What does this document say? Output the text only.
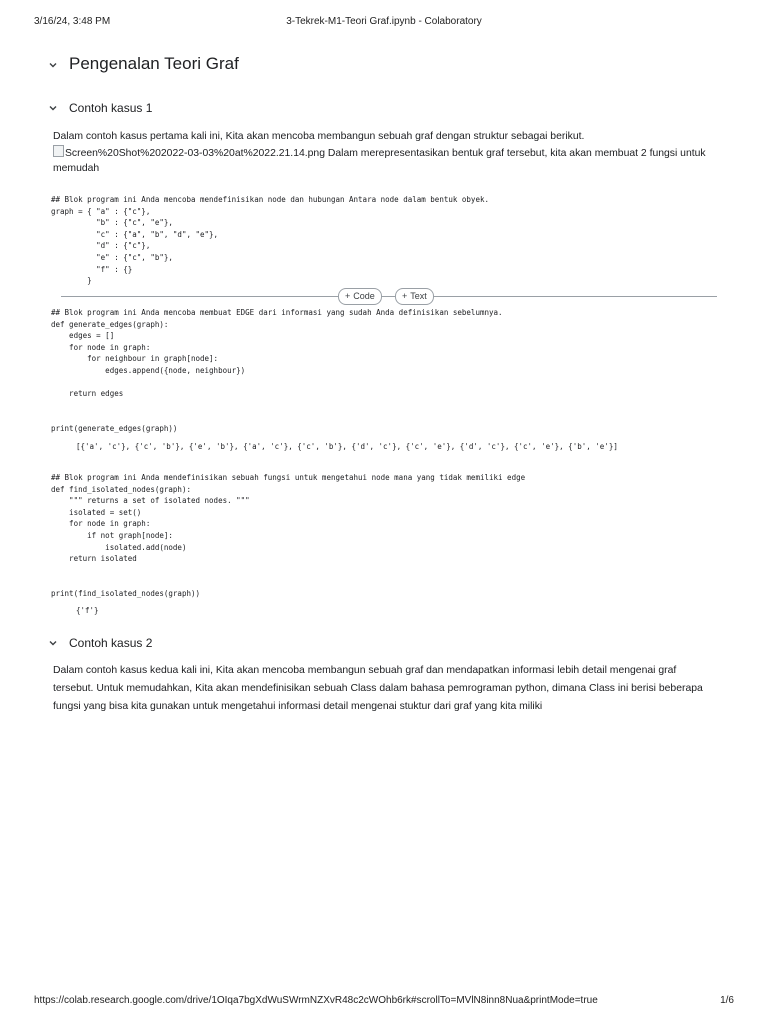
3/16/24, 3:48 PM	3-Tekrek-M1-Teori Graf.ipynb - Colaboratory
Pengenalan Teori Graf
Contoh kasus 1
Dalam contoh kasus pertama kali ini, Kita akan mencoba membangun sebuah graf dengan struktur sebagai berikut.
Screen%20Shot%202022-03-03%20at%2022.21.14.png Dalam merepresentasikan bentuk graf tersebut, kita akan membuat 2 fungsi untuk
memudah
## Blok program ini Anda mencoba mendefinisikan node dan hubungan Antara node dalam bentuk obyek.
graph = { "a" : {"c"},
"b" : {"c", "e"},
"c" : {"a", "b", "d", "e"},
"d" : {"c"},
"e" : {"c", "b"},
"f" : {}
}
+ Code	+ Text
## Blok program ini Anda mencoba membuat EDGE dari informasi yang sudah Anda definisikan sebelumnya.
def generate_edges(graph):
edges = []
for node in graph:
for neighbour in graph[node]:
edges.append({node, neighbour})

return edges

print(generate_edges(graph))
[{'a', 'c'}, {'c', 'b'}, {'e', 'b'}, {'a', 'c'}, {'c', 'b'}, {'d', 'c'}, {'c', 'e'}, {'d', 'c'}, {'c', 'e'}, {'b', 'e'}]
## Blok program ini Anda mendefinisikan sebuah fungsi untuk mengetahui node mana yang tidak memiliki edge
def find_isolated_nodes(graph):
""" returns a set of isolated nodes. """
isolated = set()
for node in graph:
if not graph[node]:
isolated.add(node)
return isolated

print(find_isolated_nodes(graph))
{'f'}
Contoh kasus 2
Dalam contoh kasus kedua kali ini, Kita akan mencoba membangun sebuah graf dan mendapatkan informasi lebih detail mengenai graf
tersebut. Untuk memudahkan, Kita akan mendefinisikan sebuah Class dalam bahasa pemrograman python, dimana Class ini berisi beberapa
fungsi yang bisa kita gunakan untuk mengetahui informasi detail mengenai stuktur dari graf yang kita miliki
https://colab.research.google.com/drive/1OIqa7bgXdWuSWrmNZXvR48c2cWOhb6rk#scrollTo=MVlN8inn8Nua&printMode=true	1/6
